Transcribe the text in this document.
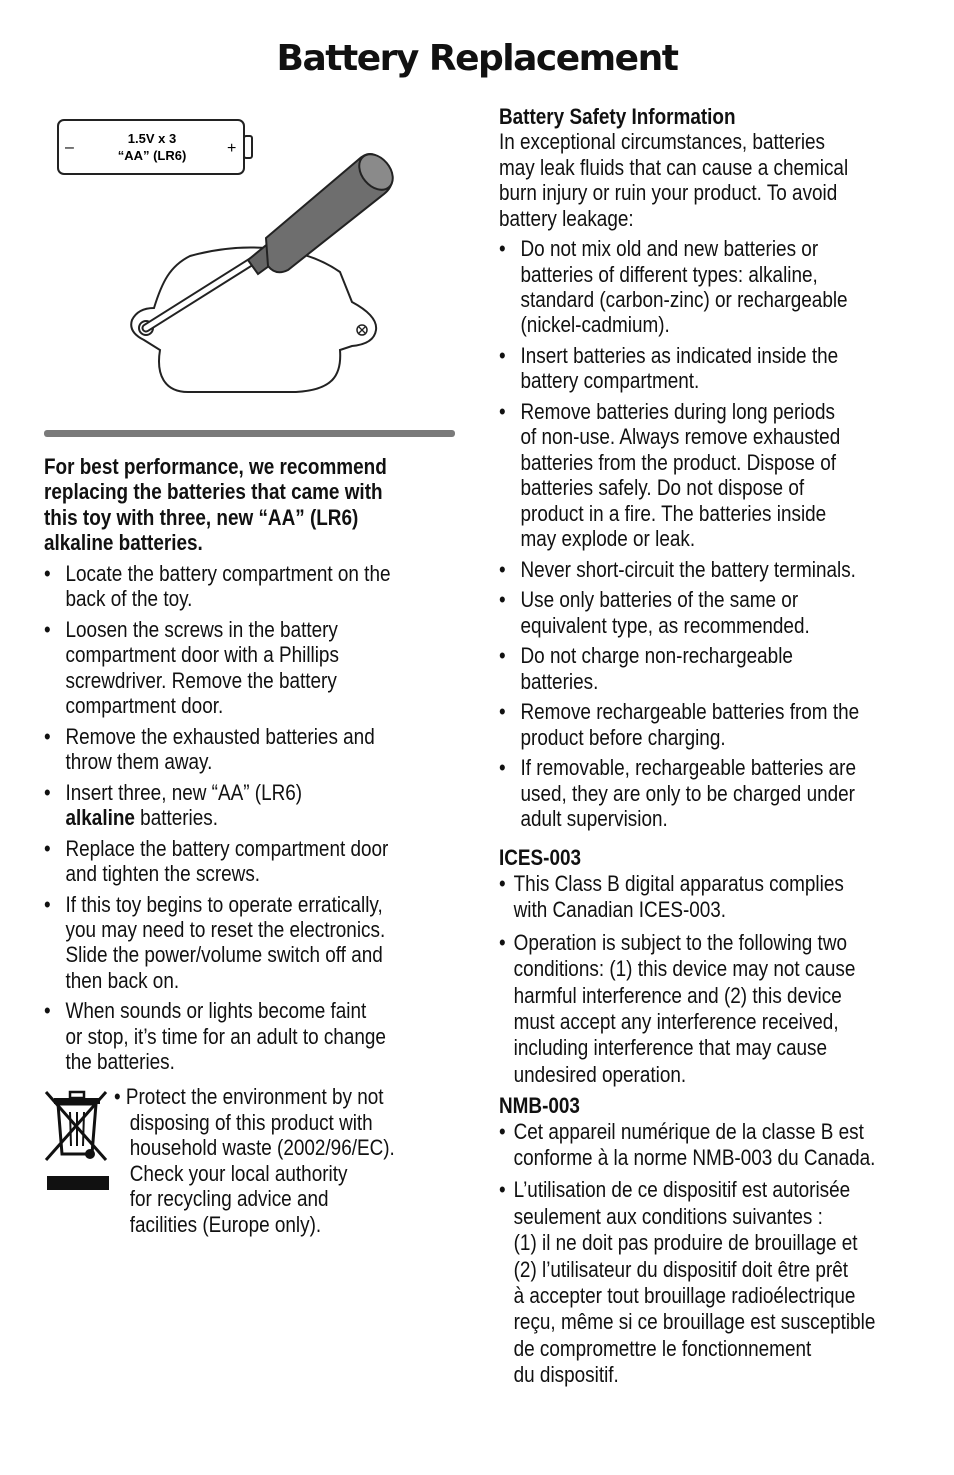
Battery Replacement
–	+
1.5V x 3
“AA” (LR6)

For best performance, we recommend
replacing the batteries that came with
this toy with three, new “AA” (LR6)
alkaline batteries.

• Locate the battery compartment on the
back of the toy.
• Loosen the screws in the battery
compartment door with a Phillips
screwdriver. Remove the battery
compartment door.
• Remove the exhausted batteries and
throw them away.
• Insert three, new “AA” (LR6)
alkaline batteries.
• Replace the battery compartment door
and tighten the screws.
• If this toy begins to operate erratically,
you may need to reset the electronics.
Slide the power/volume switch off and
then back on.
• When sounds or lights become faint
or stop, it’s time for an adult to change
the batteries.
• Protect the environment by not
disposing of this product with
household waste (2002/96/EC).
Check your local authority
for recycling advice and
facilities (Europe only).

Battery Safety Information

In exceptional circumstances, batteries
may leak fluids that can cause a chemical
burn injury or ruin your product. To avoid
battery leakage:

• Do not mix old and new batteries or
batteries of different types: alkaline,
standard (carbon-zinc) or rechargeable
(nickel-cadmium).
• Insert batteries as indicated inside the
battery compartment.
• Remove batteries during long periods
of non-use. Always remove exhausted
batteries from the product. Dispose of
batteries safely. Do not dispose of
product in a fire. The batteries inside
may explode or leak.
• Never short-circuit the battery terminals.
• Use only batteries of the same or
equivalent type, as recommended.
• Do not charge non-rechargeable
batteries.
• Remove rechargeable batteries from the
product before charging.
• If removable, rechargeable batteries are
used, they are only to be charged under
adult supervision.

ICES-003

• This Class B digital apparatus complies
with Canadian ICES-003.
• Operation is subject to the following two
conditions: (1) this device may not cause
harmful interference and (2) this device
must accept any interference received,
including interference that may cause
undesired operation.

NMB-003

• Cet appareil numérique de la classe B est
conforme à la norme NMB-003 du Canada.
• L’utilisation de ce dispositif est autorisée
seulement aux conditions suivantes :
(1) il ne doit pas produire de brouillage et
(2) l’utilisateur du dispositif doit être prêt
à accepter tout brouillage radioélectrique
reçu, même si ce brouillage est susceptible
de compromettre le fonctionnement
du dispositif.
